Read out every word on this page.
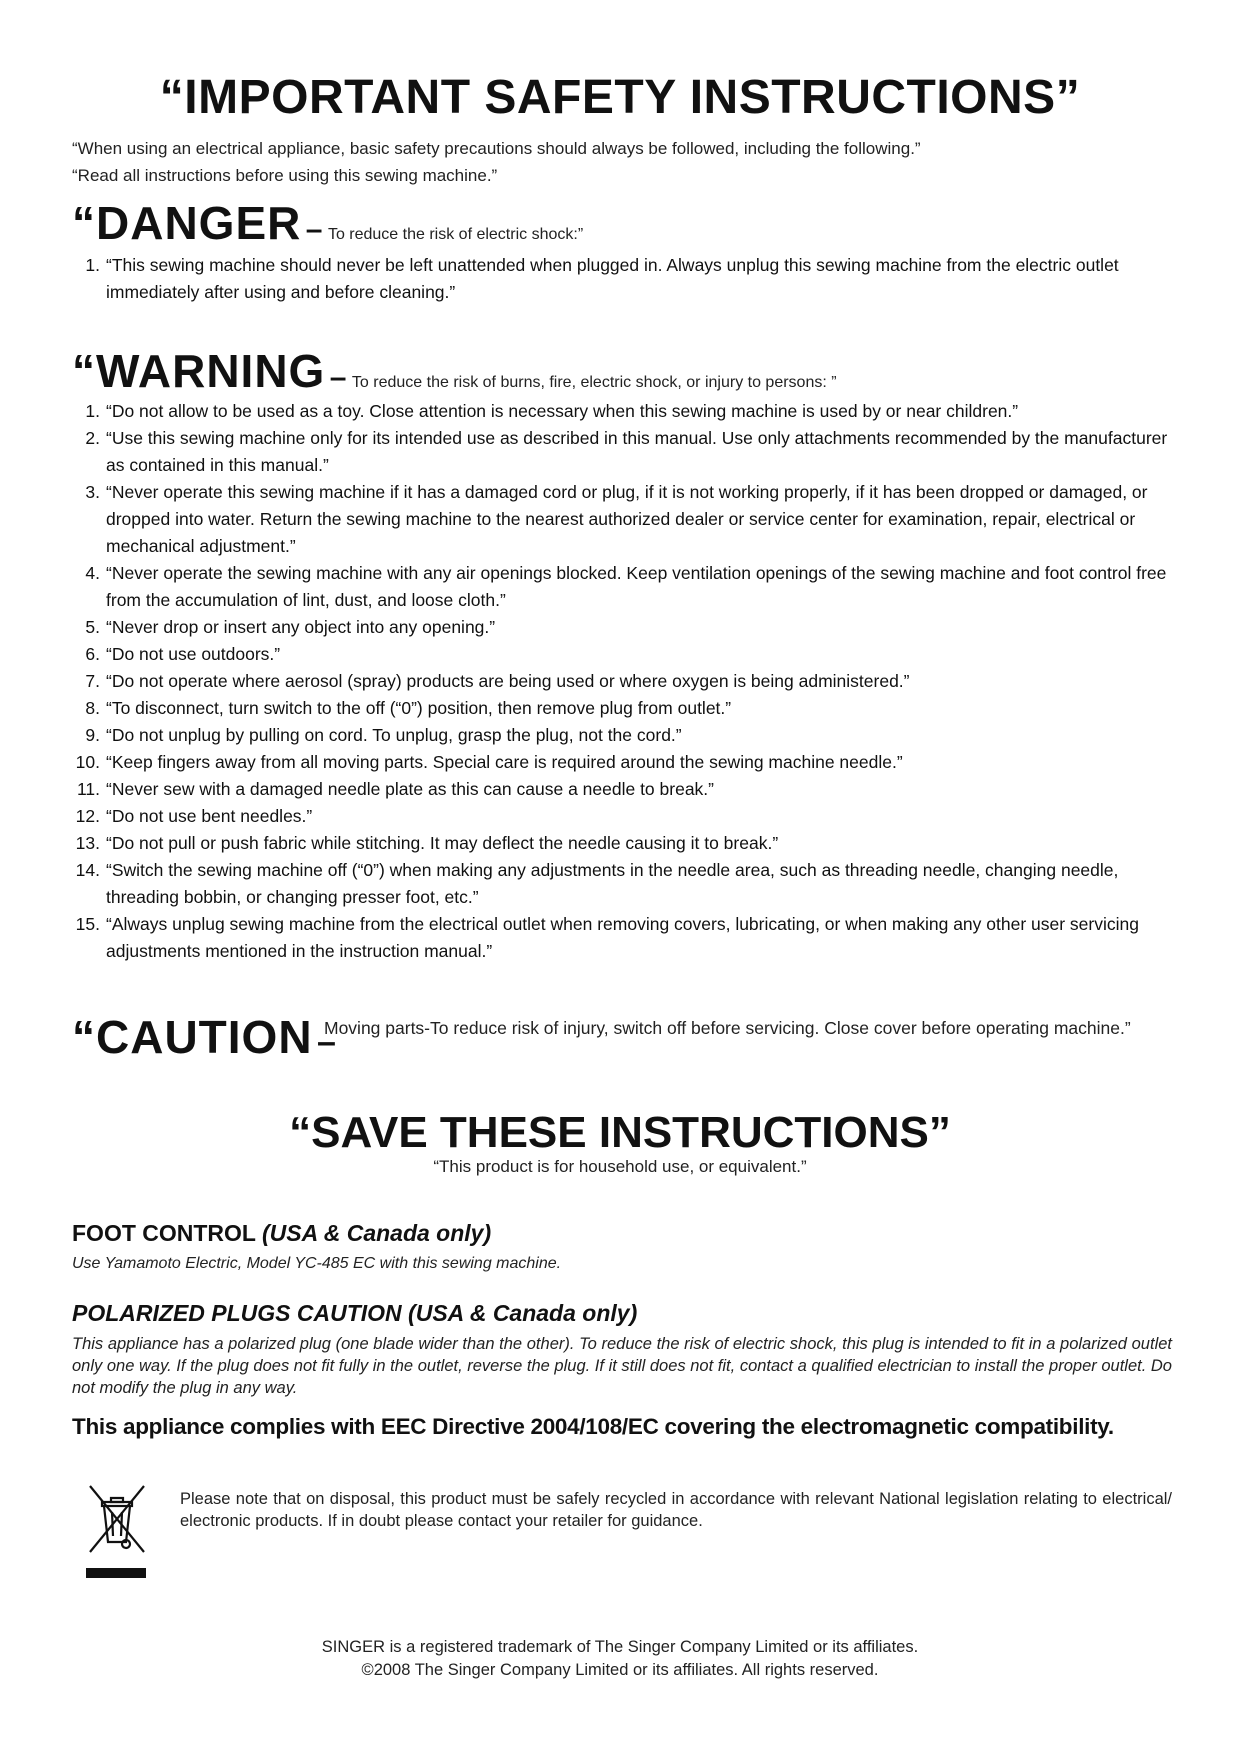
“IMPORTANT SAFETY INSTRUCTIONS”
“When using an electrical appliance, basic safety precautions should always be followed, including the following.”
“Read all instructions before using this sewing machine.”
“DANGER – To reduce the risk of electric shock:”
1. “This sewing machine should never be left unattended when plugged in. Always unplug this sewing machine from the electric outlet immediately after using and before cleaning.”
“WARNING – To reduce the risk of burns, fire, electric shock, or injury to persons: ”
1. “Do not allow to be used as a toy. Close attention is necessary when this sewing machine is used by or near children.”
2. “Use this sewing machine only for its intended use as described in this manual. Use only attachments recommended by the manufacturer as contained in this manual.”
3. “Never operate this sewing machine if it has a damaged cord or plug, if it is not working properly, if it has been dropped or damaged, or dropped into water. Return the sewing machine to the nearest authorized dealer or service center for examination, repair, electrical or mechanical adjustment.”
4. “Never operate the sewing machine with any air openings blocked. Keep ventilation openings of the sewing machine and foot control free from the accumulation of lint, dust, and loose cloth.”
5. “Never drop or insert any object into any opening.”
6. “Do not use outdoors.”
7. “Do not operate where aerosol (spray) products are being used or where oxygen is being administered.”
8. “To disconnect, turn switch to the off (“0”) position, then remove plug from outlet.”
9. “Do not unplug by pulling on cord. To unplug, grasp the plug, not the cord.”
10. “Keep fingers away from all moving parts. Special care is required around the sewing machine needle.”
11. “Never sew with a damaged needle plate as this can cause a needle to break.”
12. “Do not use bent needles.”
13. “Do not pull or push fabric while stitching. It may deflect the needle causing it to break.”
14. “Switch the sewing machine off (“0”) when making any adjustments in the needle area, such as threading needle, changing needle, threading bobbin, or changing presser foot, etc.”
15. “Always unplug sewing machine from the electrical outlet when removing covers, lubricating, or when making any other user servicing adjustments mentioned in the instruction manual.”
“CAUTION –
Moving parts-To reduce risk of injury, switch off before servicing. Close cover before operating machine.”
“SAVE THESE INSTRUCTIONS”
“This product is for household use, or equivalent.”
FOOT CONTROL (USA & Canada only)
Use Yamamoto Electric, Model YC-485 EC with this sewing machine.
POLARIZED PLUGS CAUTION (USA & Canada only)
This appliance has a polarized plug (one blade wider than the other). To reduce the risk of electric shock, this plug is intended to fit in a polarized outlet only one way. If the plug does not fit fully in the outlet, reverse the plug. If it still does not fit, contact a qualified electrician to install the proper outlet. Do not modify the plug in any way.
This appliance complies with EEC Directive 2004/108/EC covering the electromagnetic compatibility.
Please note that on disposal, this product must be safely recycled in accordance with relevant National legislation relating to electrical/ electronic products. If in doubt please contact your retailer for guidance.
SINGER is a registered trademark of The Singer Company Limited or its affiliates.
©2008 The Singer Company Limited or its affiliates. All rights reserved.
